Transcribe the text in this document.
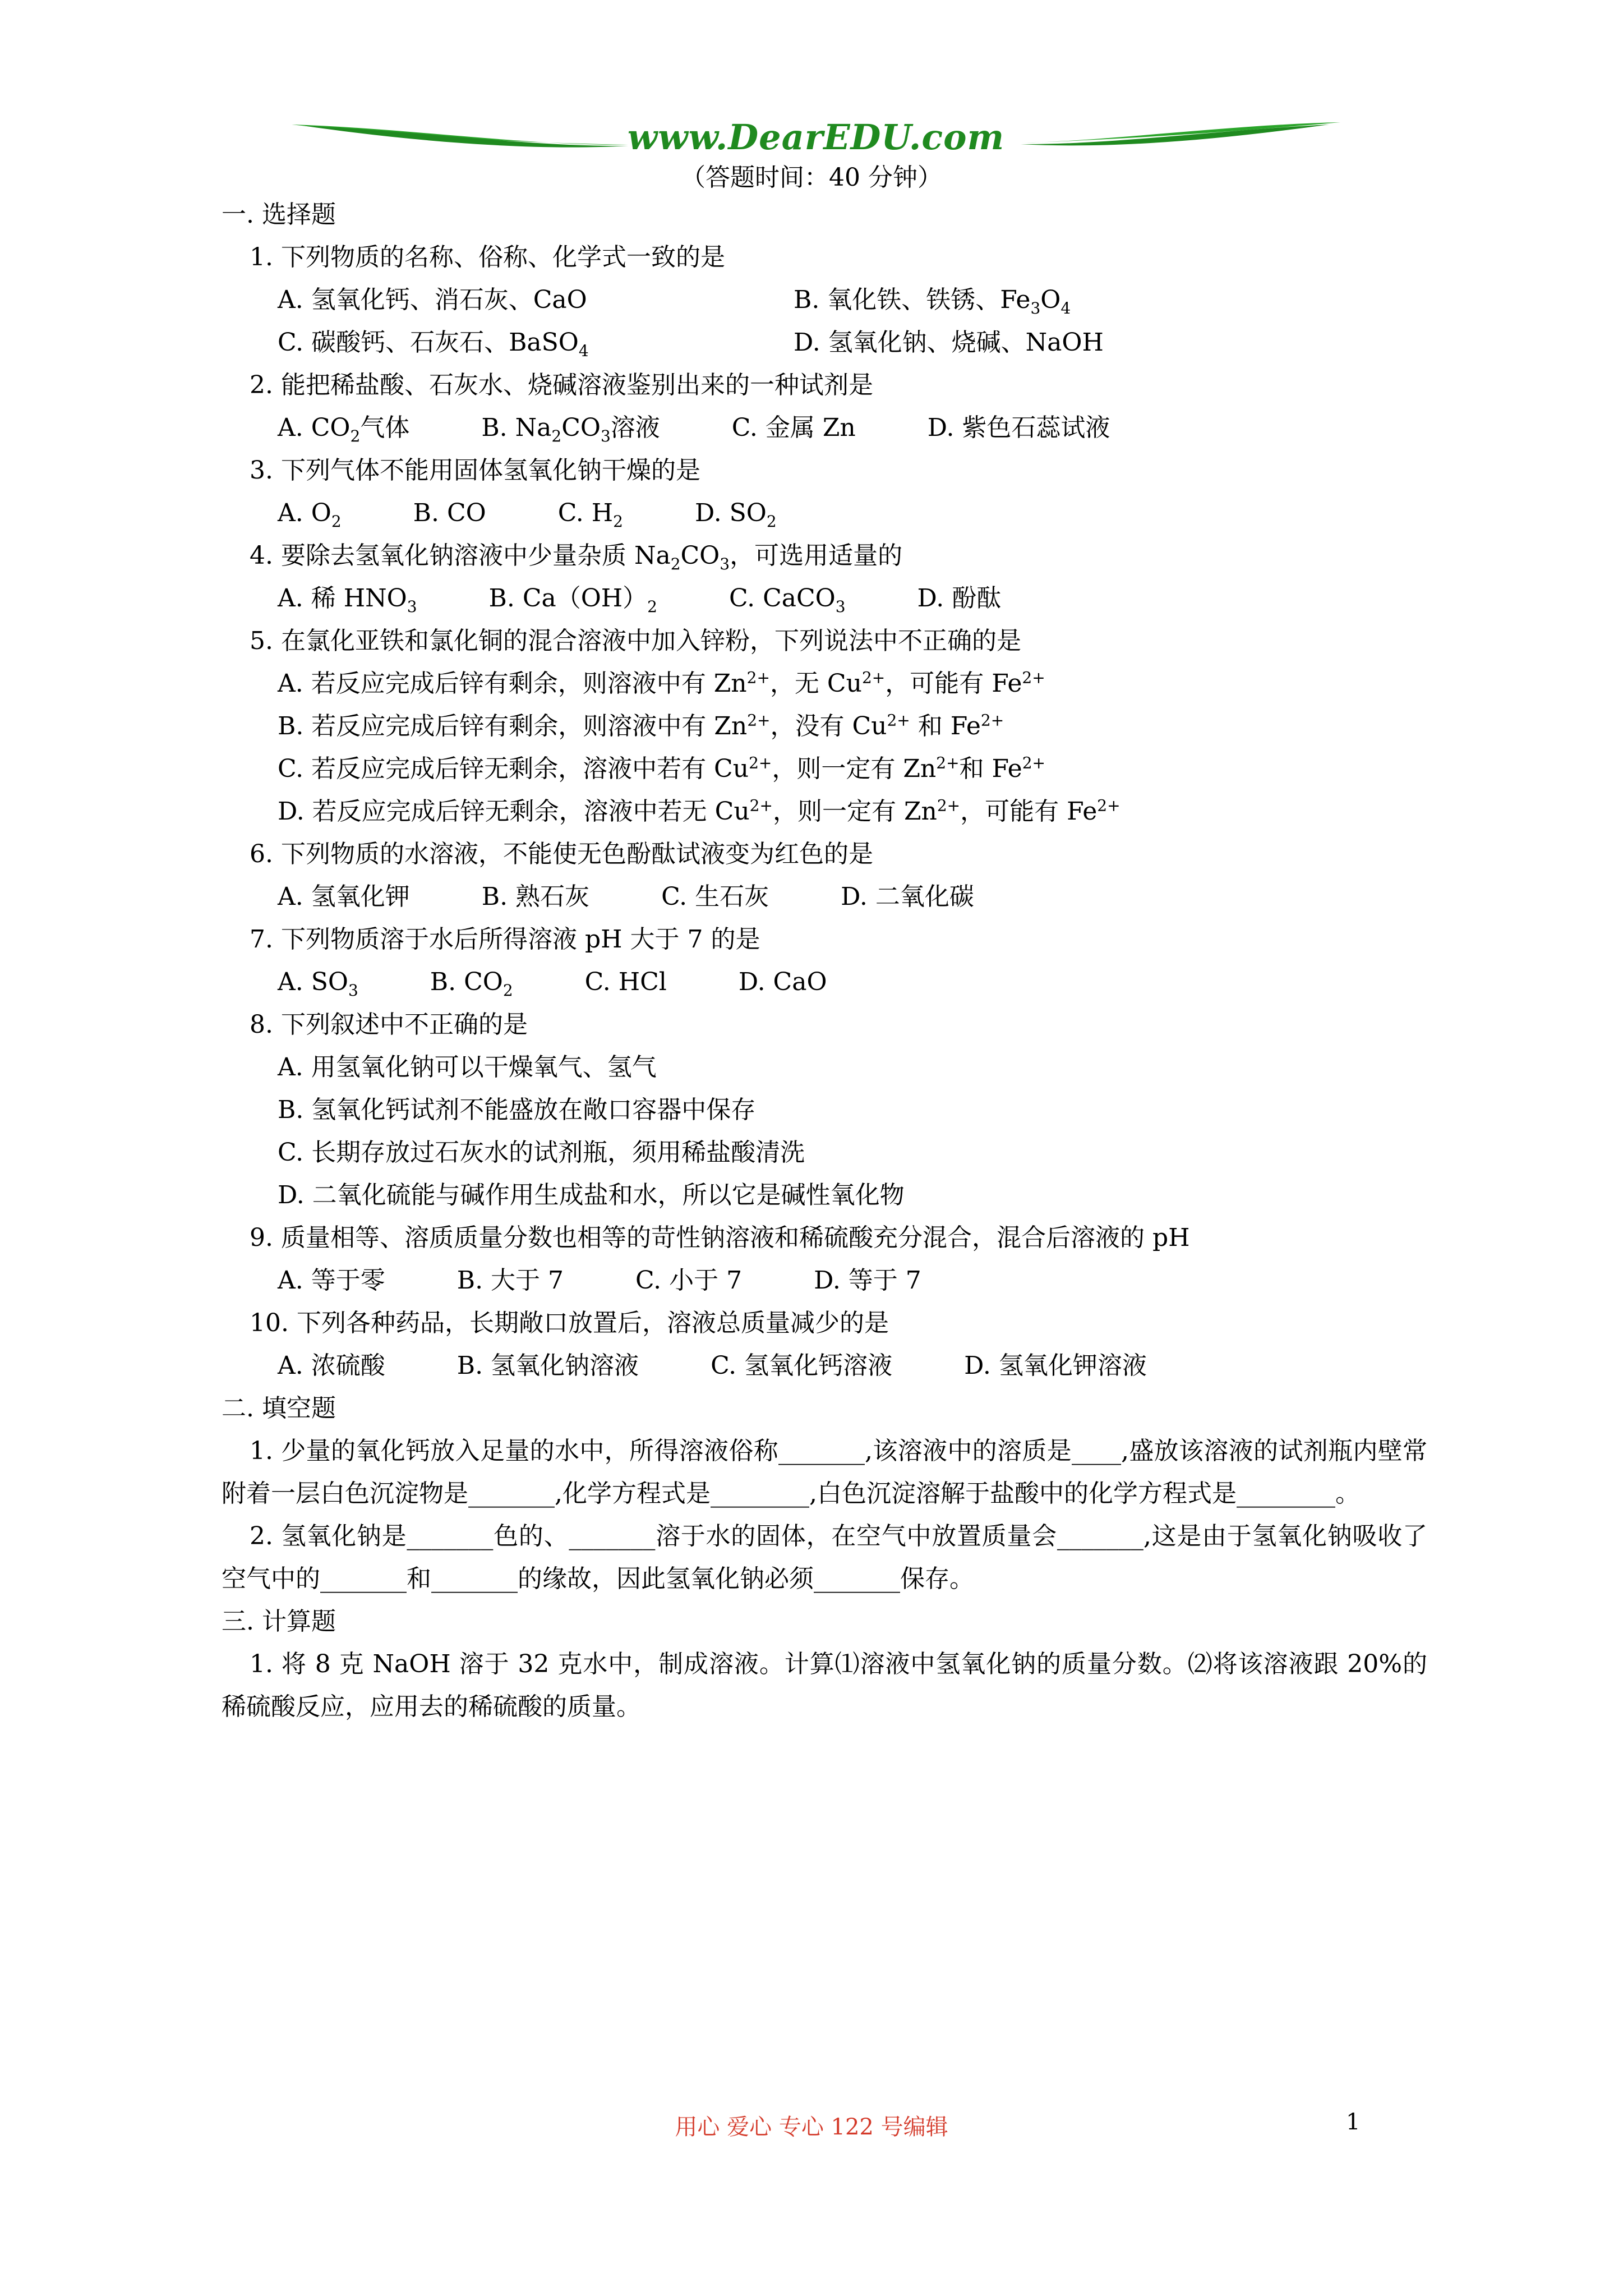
www.DearEDU.com
（答题时间：40 分钟）
一. 选择题
1. 下列物质的名称、俗称、化学式一致的是
A. 氢氧化钙、消石灰、CaO	B. 氧化铁、铁锈、$Fe_3O_4$
C. 碳酸钙、石灰石、BaSO$_4$	D. 氢氧化钠、烧碱、NaOH
2. 能把稀盐酸、石灰水、烧碱溶液鉴别出来的一种试剂是
A. $CO_2$气体	B. $Na_2CO_3$溶液	C. 金属 Zn	D. 紫色石蕊试液
3. 下列气体不能用固体氢氧化钠干燥的是
A. $O_2$	B. CO	C. $H_2$	D. $SO_2$
4. 要除去氢氧化钠溶液中少量杂质 $Na_2CO_3$，可选用适量的
A. 稀 $HNO_3$	B. $Ca(OH)_2$	C. CaCO$_3$	D. 酚酞
5. 在氯化亚铁和氯化铜的混合溶液中加入锌粉，下列说法中不正确的是
A. 若反应完成后锌有剩余，则溶液中有 $Zn^{2+}$，无 $Cu^{2+}$，可能有 $Fe^{2+}$
B. 若反应完成后锌有剩余，则溶液中有 $Zn^{2+}$，没有 $Cu^{2+}$ 和 $Fe^{2+}$
C. 若反应完成后锌无剩余，溶液中若有 $Cu^{2+}$，则一定有 $Zn^{2+}$和 $Fe^{2+}$
D. 若反应完成后锌无剩余，溶液中若无 $Cu^{2+}$，则一定有 $Zn^{2+}$，可能有 $Fe^{2+}$
6. 下列物质的水溶液，不能使无色酚酞试液变为红色的是
A. 氢氧化钾	B. 熟石灰	C. 生石灰	D. 二氧化碳
7. 下列物质溶于水后所得溶液 pH 大于 7 的是
A. $SO_3$	B. $CO_2$	C. HCl	D. CaO
8. 下列叙述中不正确的是
A. 用氢氧化钠可以干燥氧气、氢气
B. 氢氧化钙试剂不能盛放在敞口容器中保存
C. 长期存放过石灰水的试剂瓶，须用稀盐酸清洗
D. 二氧化硫能与碱作用生成盐和水，所以它是碱性氧化物
9. 质量相等、溶质质量分数也相等的苛性钠溶液和稀硫酸充分混合，混合后溶液的 pH
A. 等于零	B. 大于 7	C. 小于 7	D. 等于 7
10. 下列各种药品，长期敞口放置后，溶液总质量减少的是
A. 浓硫酸	B. 氢氧化钠溶液	C. 氢氧化钙溶液	D. 氢氧化钾溶液
二. 填空题
1. 少量的氧化钙放入足量的水中，所得溶液俗称_______,该溶液中的溶质是____,盛放该溶液的试剂瓶内壁常附着一层白色沉淀物是_______,化学方程式是________,白色沉淀溶解于盐酸中的化学方程式是________。
2. 氢氧化钠是_______色的、_______溶于水的固体，在空气中放置质量会_______,这是由于氢氧化钠吸收了空气中的_______和_______的缘故，因此氢氧化钠必须_______保存。
三. 计算题
1. 将 8 克 NaOH 溶于 32 克水中，制成溶液。计算⑴溶液中氢氧化钠的质量分数。⑵将该溶液跟 20%的稀硫酸反应，应用去的稀硫酸的质量。
用心 爱心 专心 122 号编辑	1
